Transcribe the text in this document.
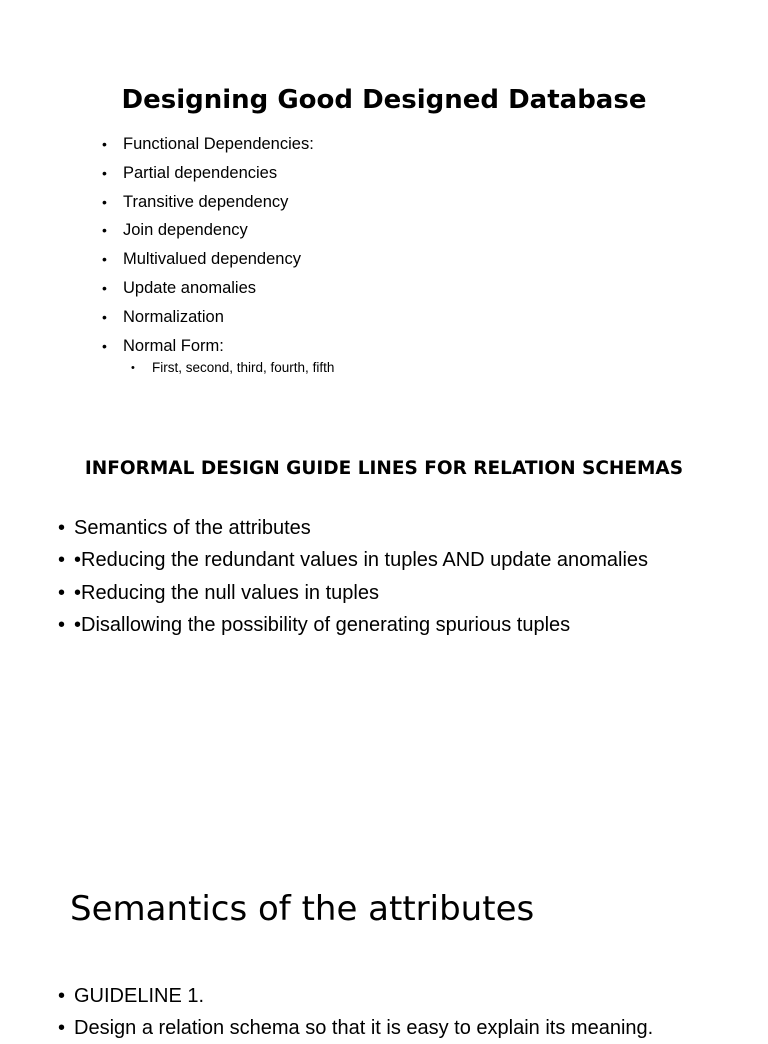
Designing Good Designed Database
• Functional Dependencies:
• Partial dependencies
• Transitive dependency
• Join dependency
• Multivalued dependency
• Update anomalies
• Normalization
• Normal Form:
• First, second, third, fourth, fifth
INFORMAL DESIGN GUIDE LINES FOR RELATION SCHEMAS
• Semantics of the attributes
• •Reducing the redundant values in tuples AND update anomalies
• •Reducing the null values in tuples
• •Disallowing the possibility of generating spurious tuples
Semantics of the attributes
• GUIDELINE 1.
• Design a relation schema so that it is easy to explain its meaning.
